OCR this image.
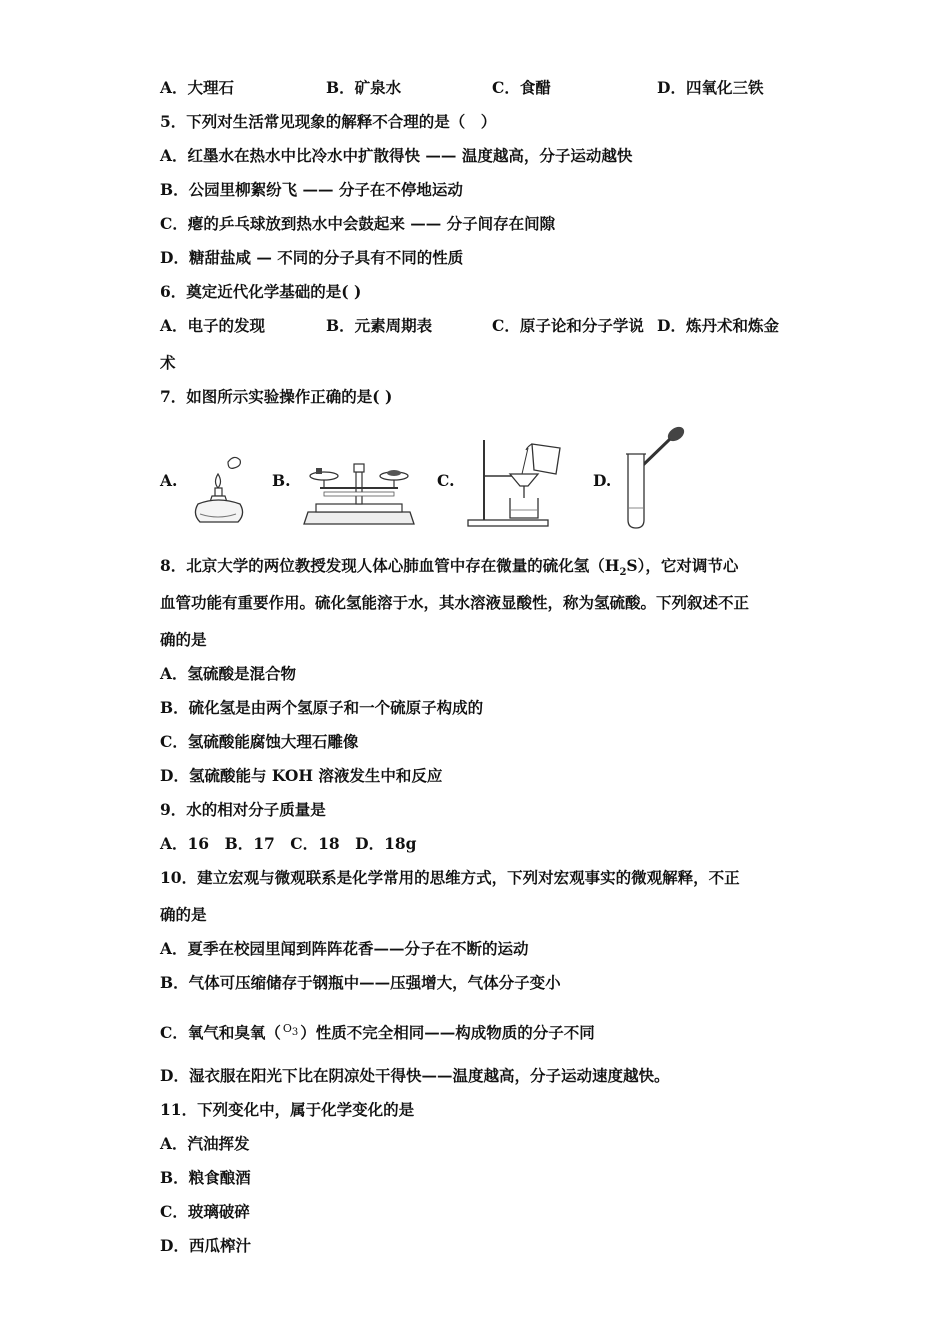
A．大理石	B．矿泉水	C．食醋	D．四氧化三铁
5．下列对生活常见现象的解释不合理的是（　）
A．红墨水在热水中比冷水中扩散得快 —— 温度越高，分子运动越快
B．公园里柳絮纷飞 —— 分子在不停地运动
C．瘪的乒乓球放到热水中会鼓起来 —— 分子间存在间隙
D．糖甜盐咸 — 不同的分子具有不同的性质
6．奠定近代化学基础的是( )
A．电子的发现	B．元素周期表	C．原子论和分子学说 D．炼丹术和炼金
术
7．如图所示实验操作正确的是( )
A.	B.	C.	D.
8．北京大学的两位教授发现人体心肺血管中存在微量的硫化氢$(H_2S)$，它对调节心
血管功能有重要作用。硫化氢能溶于水，其水溶液显酸性，称为氢硫酸。下列叙述不正
确的是
A．氢硫酸是混合物
B．硫化氢是由两个氢原子和一个硫原子构成的
C．氢硫酸能腐蚀大理石雕像
D．氢硫酸能与 KOH 溶液发生中和反应
9．水的相对分子质量是
A．16　B．17　C．18　D．18g
10．建立宏观与微观联系是化学常用的思维方式，下列对宏观事实的微观解释，不正
确的是
A．夏季在校园里闻到阵阵花香——分子在不断的运动
B．气体可压缩储存于钢瓶中——压强增大，气体分子变小
C．氧气和臭氧（ $O_3$ ）性质不完全相同——构成物质的分子不同
D．湿衣服在阳光下比在阴凉处干得快——温度越高，分子运动速度越快。
11．下列变化中，属于化学变化的是
A．汽油挥发
B．粮食酿酒
C．玻璃破碎
D．西瓜榨汁
